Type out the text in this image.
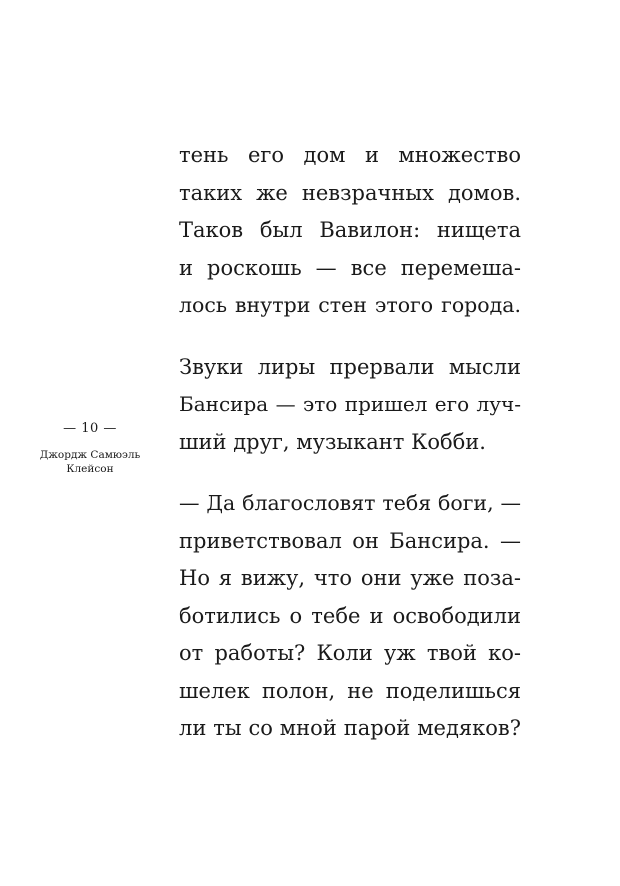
— 10 —
Джордж Самюэль
Клейсон
тень его дом и множество
таких же невзрачных домов.
Таков был Вавилон: нищета
и роскошь — все перемеша-
лось внутри стен этого города.
Звуки лиры прервали мысли
Бансира — это пришел его луч-
ший друг, музыкант Кобби.
— Да благословят тебя боги, —
приветствовал он Бансира. —
Но я вижу, что они уже поза-
ботились о тебе и освободили
от работы? Коли уж твой ко-
шелек полон, не поделишься
ли ты со мной парой медяков?
